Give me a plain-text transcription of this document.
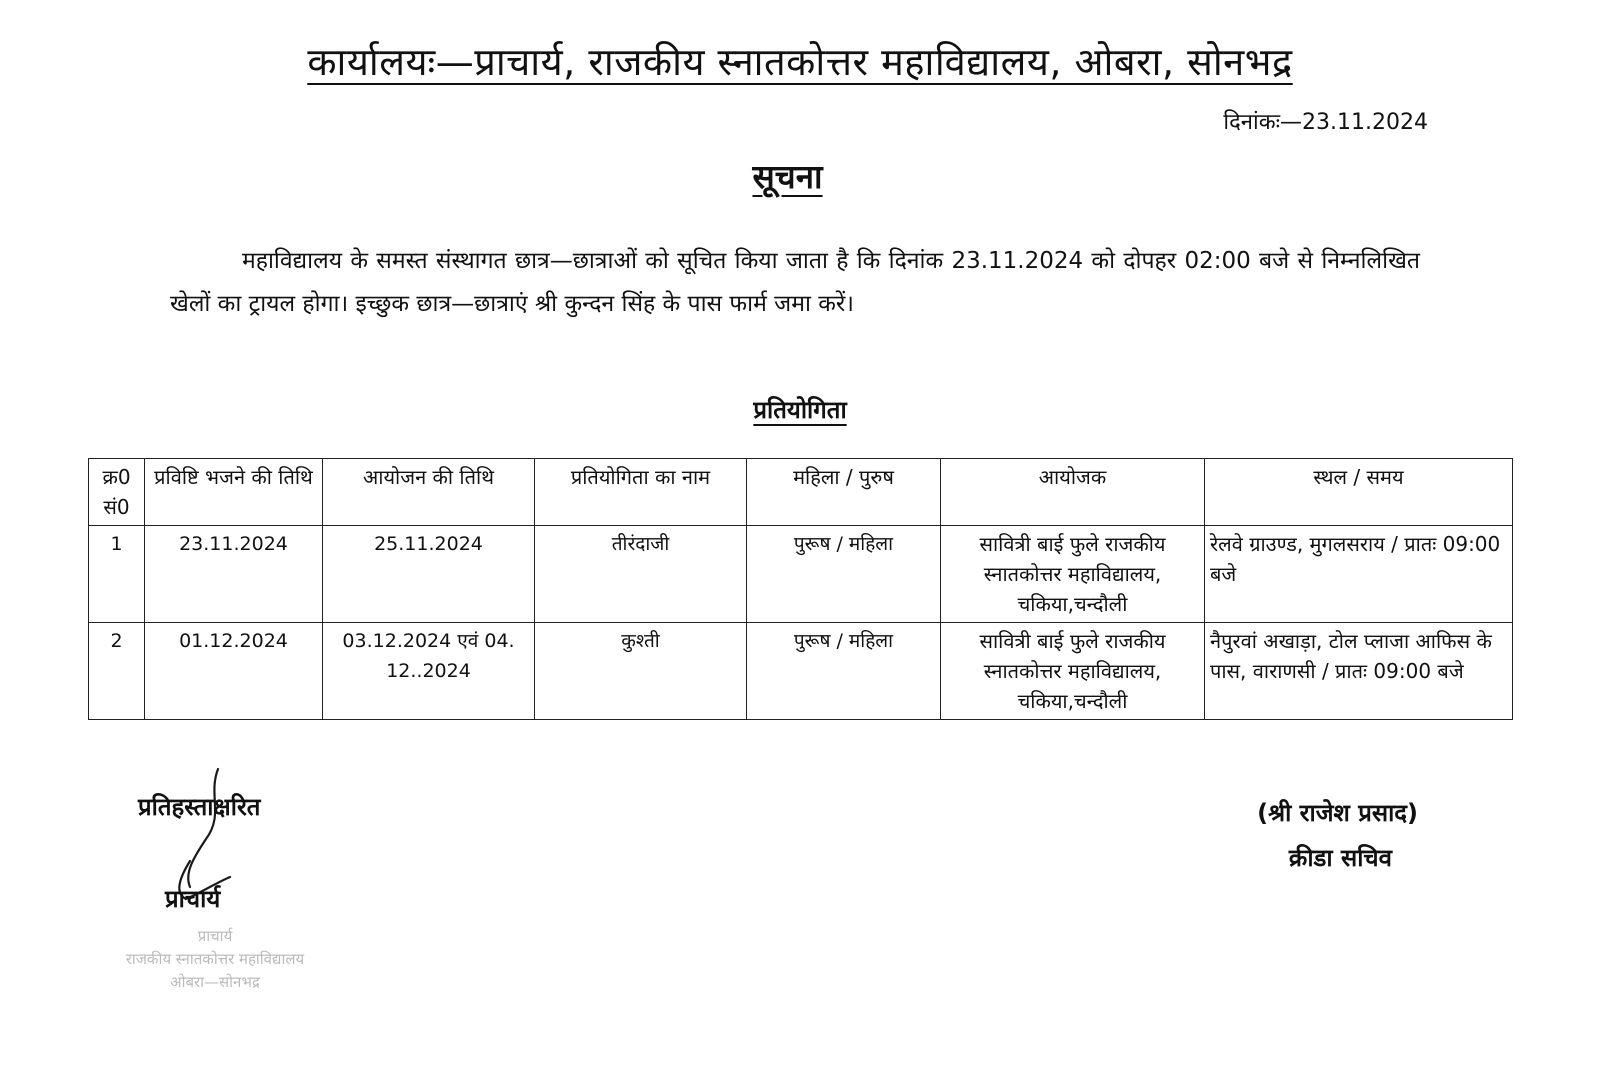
कार्यालयः—प्राचार्य, राजकीय स्नातकोत्तर महाविद्यालय, ओबरा, सोनभद्र
दिनांकः—23.11.2024
सूचना

महाविद्यालय के समस्त संस्थागत छात्र—छात्राओं को सूचित किया जाता है कि दिनांक 23.11.2024 को दोपहर 02:00 बजे से निम्नलिखित खेलों का ट्रायल होगा। इच्छुक छात्र—छात्राएं श्री कुन्दन सिंह के पास फार्म जमा करें।

प्रतियोगिता
क्र0 सं0	प्रविष्टि भजने की तिथि	आयोजन की तिथि	प्रतियोगिता का नाम	महिला / पुरुष	आयोजक	स्थल / समय
1	23.11.2024	25.11.2024	तीरंदाजी	पुरूष / महिला	सावित्री बाई फुले राजकीय स्नातकोत्तर महाविद्यालय, चकिया,चन्दौली	रेलवे ग्राउण्ड, मुगलसराय / प्रातः 09:00 बजे
2	01.12.2024	03.12.2024 एवं 04. 12..2024	कुश्ती	पुरूष / महिला	सावित्री बाई फुले राजकीय स्नातकोत्तर महाविद्यालय, चकिया,चन्दौली	नैपुरवां अखाड़ा, टोल प्लाजा आफिस के पास, वाराणसी / प्रातः 09:00 बजे
प्रतिहस्ताक्षरित
प्राचार्य
प्राचार्य
राजकीय स्नातकोत्तर महाविद्यालय
ओबरा—सोनभद्र
(श्री राजेश प्रसाद)
क्रीडा सचिव
